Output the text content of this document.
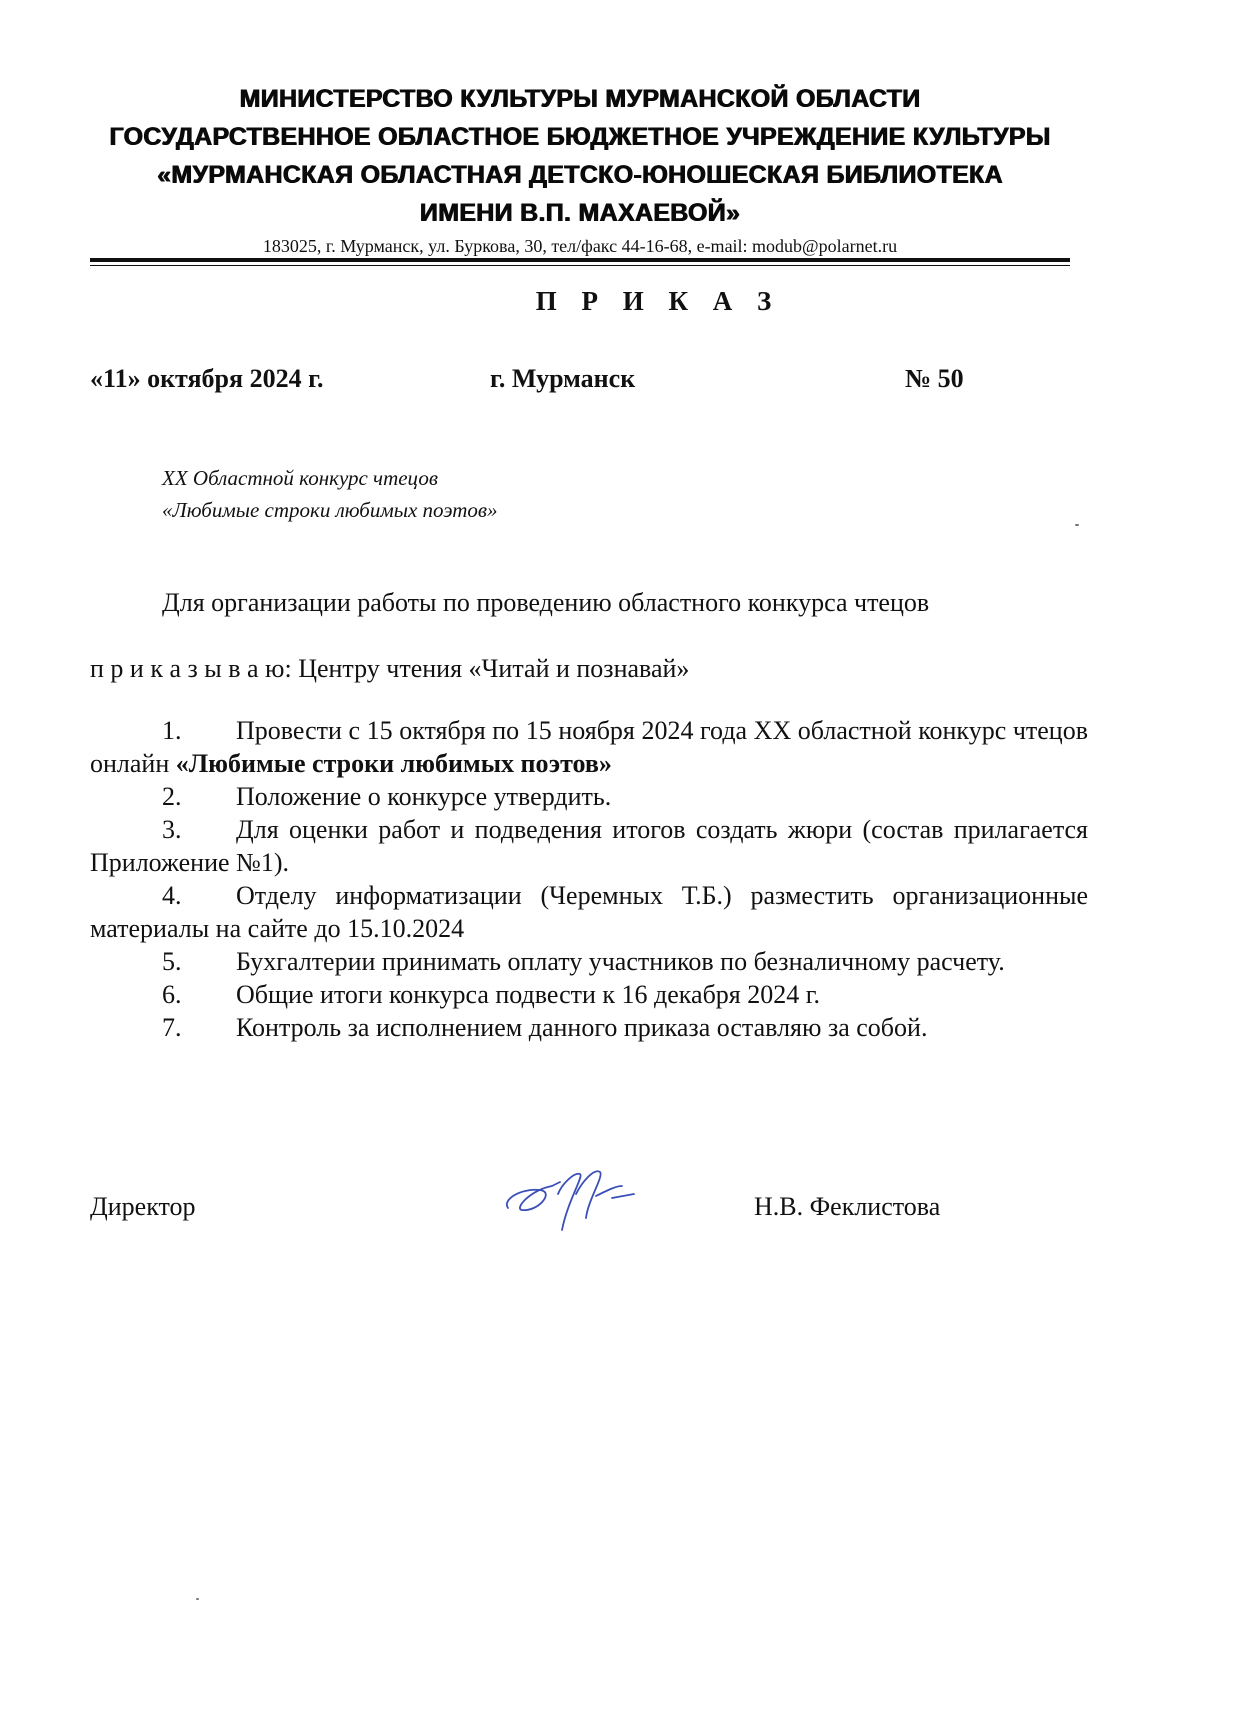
МИНИСТЕРСТВО КУЛЬТУРЫ МУРМАНСКОЙ ОБЛАСТИ
ГОСУДАРСТВЕННОЕ ОБЛАСТНОЕ БЮДЖЕТНОЕ УЧРЕЖДЕНИЕ КУЛЬТУРЫ
«МУРМАНСКАЯ ОБЛАСТНАЯ ДЕТСКО-ЮНОШЕСКАЯ БИБЛИОТЕКА
ИМЕНИ В.П. МАХАЕВОЙ»
183025, г. Мурманск, ул. Буркова, 30, тел/факс 44-16-68, e-mail: modub@polarnet.ru
П Р И К А З
«11» октября 2024 г.	г. Мурманск	№ 50
XX Областной конкурс чтецов
«Любимые строки любимых поэтов»
Для организации работы по проведению областного конкурса чтецов
п р и к а з ы в а ю: Центру чтения «Читай и познавай»
1. Провести с 15 октября по 15 ноября 2024 года XX областной конкурс чтецов онлайн «Любимые строки любимых поэтов»
2. Положение о конкурсе утвердить.
3. Для оценки работ и подведения итогов создать жюри (состав прилагается Приложение №1).
4. Отделу информатизации (Черемных Т.Б.) разместить организационные материалы на сайте до 15.10.2024
5. Бухгалтерии принимать оплату участников по безналичному расчету.
6. Общие итоги конкурса подвести к 16 декабря 2024 г.
7. Контроль за исполнением данного приказа оставляю за собой.
Директор	Н.В. Феклистова
